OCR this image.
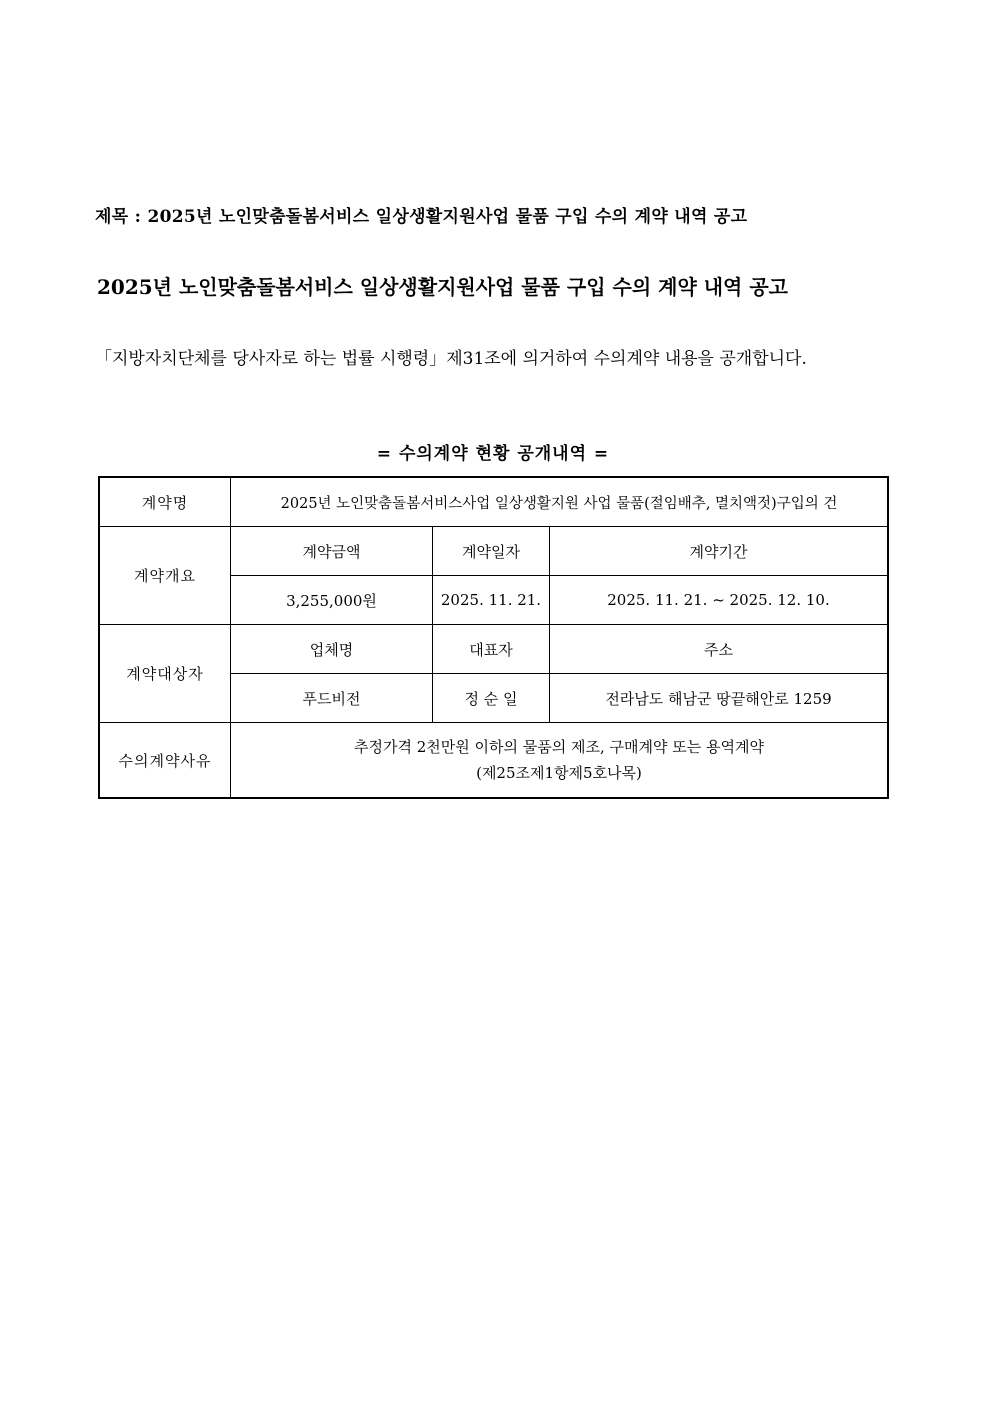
제목 : 2025년 노인맞춤돌봄서비스 일상생활지원사업 물품 구입 수의 계약 내역 공고
2025년 노인맞춤돌봄서비스 일상생활지원사업 물품 구입 수의 계약 내역 공고
「지방자치단체를 당사자로 하는 법률 시행령」제31조에 의거하여 수의계약 내용을 공개합니다.
= 수의계약 현황 공개내역 =
계약명	2025년 노인맞춤돌봄서비스사업 일상생활지원 사업 물품(절임배추, 멸치액젓)구입의 건		
계약개요	계약금액	계약일자	계약기간
	3,255,000원	2025. 11. 21.	2025. 11. 21. ~ 2025. 12. 10.
계약대상자	업체명	대표자	주소
	푸드비전	정 순 일	전라남도 해남군 땅끝해안로 1259
수의계약사유	추정가격 2천만원 이하의 물품의 제조, 구매계약 또는 용역계약
(제25조제1항제5호나목)		
